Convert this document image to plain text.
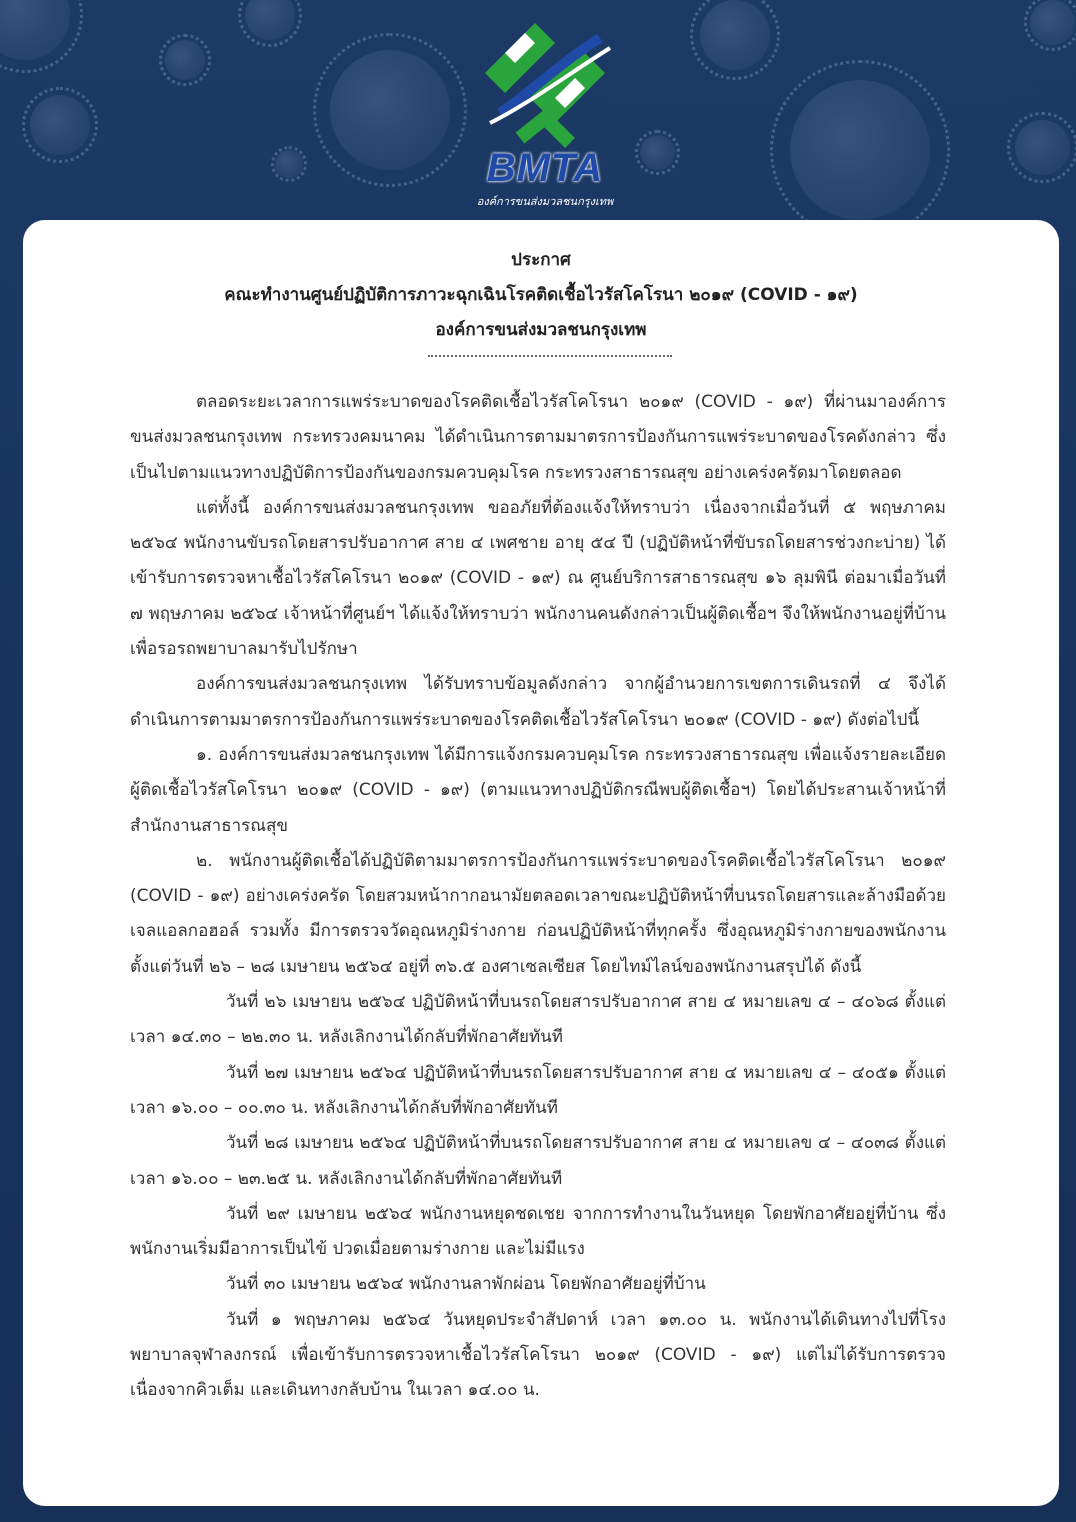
BMTA
องค์การขนส่งมวลชนกรุงเทพ
ประกาศ
คณะทำงานศูนย์ปฏิบัติการภาวะฉุกเฉินโรคติดเชื้อไวรัสโคโรนา ๒๐๑๙ (COVID - ๑๙)
องค์การขนส่งมวลชนกรุงเทพ

ตลอดระยะเวลาการแพร่ระบาดของโรคติดเชื้อไวรัสโคโรนา ๒๐๑๙ (COVID - ๑๙) ที่ผ่านมาองค์การขนส่งมวลชนกรุงเทพ กระทรวงคมนาคม ได้ดำเนินการตามมาตรการป้องกันการแพร่ระบาดของโรคดังกล่าว ซึ่งเป็นไปตามแนวทางปฏิบัติการป้องกันของกรมควบคุมโรค กระทรวงสาธารณสุข อย่างเคร่งครัดมาโดยตลอด

แต่ทั้งนี้ องค์การขนส่งมวลชนกรุงเทพ ขออภัยที่ต้องแจ้งให้ทราบว่า เนื่องจากเมื่อวันที่ ๕ พฤษภาคม ๒๕๖๔ พนักงานขับรถโดยสารปรับอากาศ สาย ๔ เพศชาย อายุ ๕๔ ปี (ปฏิบัติหน้าที่ขับรถโดยสารช่วงกะบ่าย) ได้เข้ารับการตรวจหาเชื้อไวรัสโคโรนา ๒๐๑๙ (COVID - ๑๙) ณ ศูนย์บริการสาธารณสุข ๑๖ ลุมพินี ต่อมาเมื่อวันที่ ๗ พฤษภาคม ๒๕๖๔ เจ้าหน้าที่ศูนย์ฯ ได้แจ้งให้ทราบว่า พนักงานคนดังกล่าวเป็นผู้ติดเชื้อฯ จึงให้พนักงานอยู่ที่บ้าน เพื่อรอรถพยาบาลมารับไปรักษา

องค์การขนส่งมวลชนกรุงเทพ ได้รับทราบข้อมูลดังกล่าว จากผู้อำนวยการเขตการเดินรถที่ ๔ จึงได้ดำเนินการตามมาตรการป้องกันการแพร่ระบาดของโรคติดเชื้อไวรัสโคโรนา ๒๐๑๙ (COVID - ๑๙) ดังต่อไปนี้

๑. องค์การขนส่งมวลชนกรุงเทพ ได้มีการแจ้งกรมควบคุมโรค กระทรวงสาธารณสุข เพื่อแจ้งรายละเอียดผู้ติดเชื้อไวรัสโคโรนา ๒๐๑๙ (COVID - ๑๙) (ตามแนวทางปฏิบัติกรณีพบผู้ติดเชื้อฯ) โดยได้ประสานเจ้าหน้าที่สำนักงานสาธารณสุข

๒. พนักงานผู้ติดเชื้อได้ปฏิบัติตามมาตรการป้องกันการแพร่ระบาดของโรคติดเชื้อไวรัสโคโรนา ๒๐๑๙ (COVID - ๑๙) อย่างเคร่งครัด โดยสวมหน้ากากอนามัยตลอดเวลาขณะปฏิบัติหน้าที่บนรถโดยสารและล้างมือด้วยเจลแอลกอฮอล์ รวมทั้ง มีการตรวจวัดอุณหภูมิร่างกาย ก่อนปฏิบัติหน้าที่ทุกครั้ง ซึ่งอุณหภูมิร่างกายของพนักงาน ตั้งแต่วันที่ ๒๖ – ๒๘ เมษายน ๒๕๖๔ อยู่ที่ ๓๖.๕ องศาเซลเซียส โดยไทม์ไลน์ของพนักงานสรุปได้ ดังนี้

วันที่ ๒๖ เมษายน ๒๕๖๔ ปฏิบัติหน้าที่บนรถโดยสารปรับอากาศ สาย ๔ หมายเลข ๔ – ๔๐๖๘ ตั้งแต่เวลา ๑๔.๓๐ – ๒๒.๓๐ น. หลังเลิกงานได้กลับที่พักอาศัยทันที

วันที่ ๒๗ เมษายน ๒๕๖๔ ปฏิบัติหน้าที่บนรถโดยสารปรับอากาศ สาย ๔ หมายเลข ๔ – ๔๐๕๑ ตั้งแต่เวลา ๑๖.๐๐ – ๐๐.๓๐ น. หลังเลิกงานได้กลับที่พักอาศัยทันที

วันที่ ๒๘ เมษายน ๒๕๖๔ ปฏิบัติหน้าที่บนรถโดยสารปรับอากาศ สาย ๔ หมายเลข ๔ – ๔๐๓๘ ตั้งแต่เวลา ๑๖.๐๐ – ๒๓.๒๕ น. หลังเลิกงานได้กลับที่พักอาศัยทันที

วันที่ ๒๙ เมษายน ๒๕๖๔ พนักงานหยุดชดเชย จากการทำงานในวันหยุด โดยพักอาศัยอยู่ที่บ้าน ซึ่งพนักงานเริ่มมีอาการเป็นไข้ ปวดเมื่อยตามร่างกาย และไม่มีแรง

วันที่ ๓๐ เมษายน ๒๕๖๔ พนักงานลาพักผ่อน โดยพักอาศัยอยู่ที่บ้าน

วันที่ ๑ พฤษภาคม ๒๕๖๔ วันหยุดประจำสัปดาห์ เวลา ๑๓.๐๐ น. พนักงานได้เดินทางไปที่โรงพยาบาลจุฬาลงกรณ์ เพื่อเข้ารับการตรวจหาเชื้อไวรัสโคโรนา ๒๐๑๙ (COVID - ๑๙) แต่ไม่ได้รับการตรวจ เนื่องจากคิวเต็ม และเดินทางกลับบ้าน ในเวลา ๑๔.๐๐ น.
